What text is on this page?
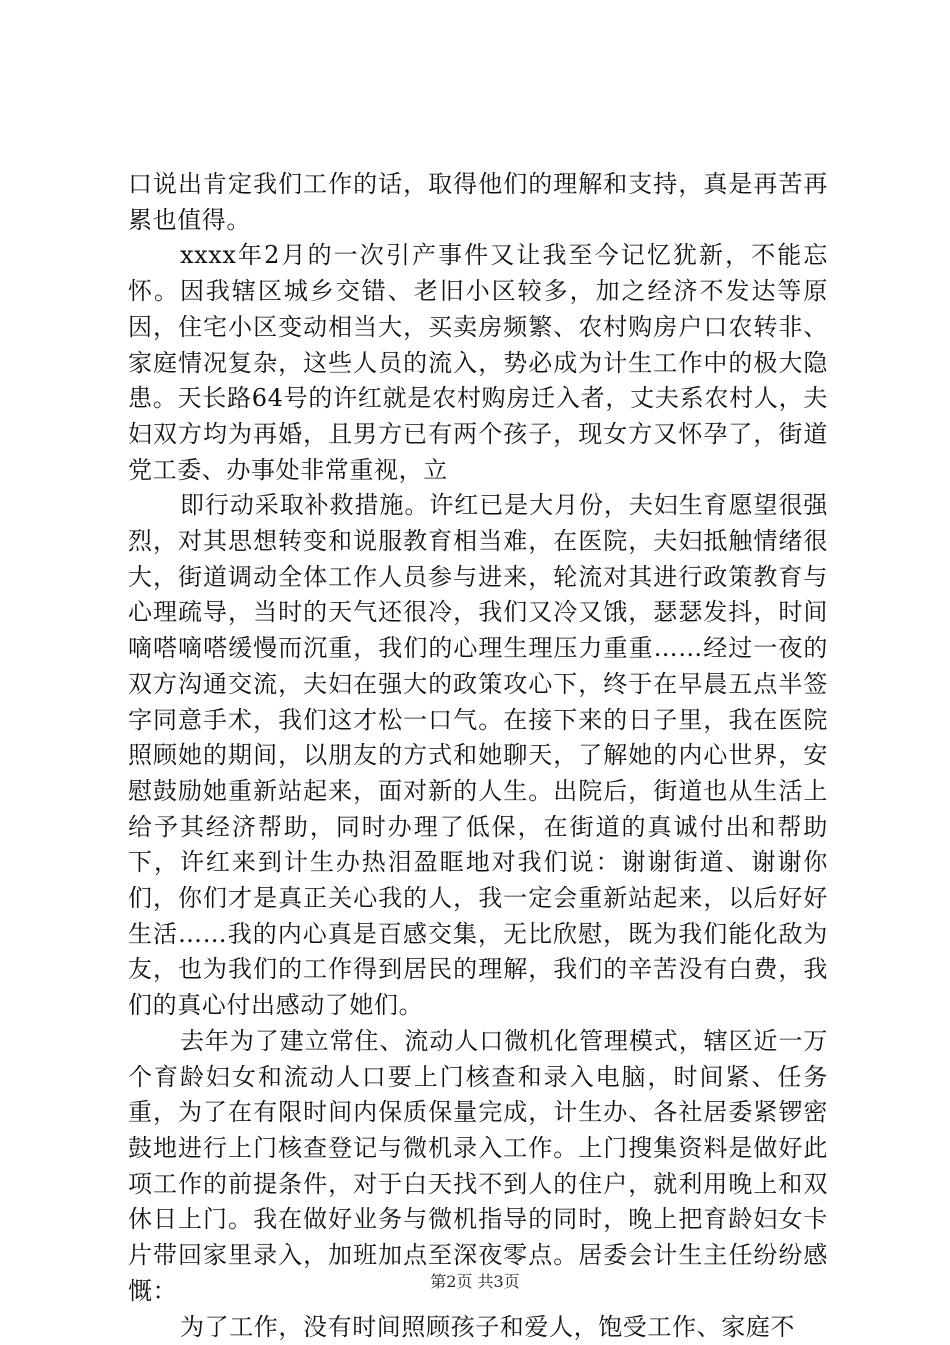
口说出肯定我们工作的话，取得他们的理解和支持，真是再苦再累也值得。

xxxx年2月的一次引产事件又让我至今记忆犹新，不能忘怀。因我辖区城乡交错、老旧小区较多，加之经济不发达等原因，住宅小区变动相当大，买卖房频繁、农村购房户口农转非、家庭情况复杂，这些人员的流入，势必成为计生工作中的极大隐患。天长路64号的许红就是农村购房迁入者，丈夫系农村人，夫妇双方均为再婚，且男方已有两个孩子，现女方又怀孕了，街道党工委、办事处非常重视，立

即行动采取补救措施。许红已是大月份，夫妇生育愿望很强烈，对其思想转变和说服教育相当难，在医院，夫妇抵触情绪很大，街道调动全体工作人员参与进来，轮流对其进行政策教育与心理疏导，当时的天气还很冷，我们又冷又饿，瑟瑟发抖，时间嘀嗒嘀嗒缓慢而沉重，我们的心理生理压力重重……经过一夜的双方沟通交流，夫妇在强大的政策攻心下，终于在早晨五点半签字同意手术，我们这才松一口气。在接下来的日子里，我在医院照顾她的期间，以朋友的方式和她聊天，了解她的内心世界，安慰鼓励她重新站起来，面对新的人生。出院后，街道也从生活上给予其经济帮助，同时办理了低保，在街道的真诚付出和帮助下，许红来到计生办热泪盈眶地对我们说：谢谢街道、谢谢你们，你们才是真正关心我的人，我一定会重新站起来，以后好好生活……我的内心真是百感交集，无比欣慰，既为我们能化敌为友，也为我们的工作得到居民的理解，我们的辛苦没有白费，我们的真心付出感动了她们。

去年为了建立常住、流动人口微机化管理模式，辖区近一万个育龄妇女和流动人口要上门核查和录入电脑，时间紧、任务重，为了在有限时间内保质保量完成，计生办、各社居委紧锣密鼓地进行上门核查登记与微机录入工作。上门搜集资料是做好此项工作的前提条件，对于白天找不到人的住户，就利用晚上和双休日上门。我在做好业务与微机指导的同时，晚上把育龄妇女卡片带回家里录入，加班加点至深夜零点。居委会计生主任纷纷感慨：

为了工作，没有时间照顾孩子和爱人，饱受工作、家庭不

第2页 共3页
